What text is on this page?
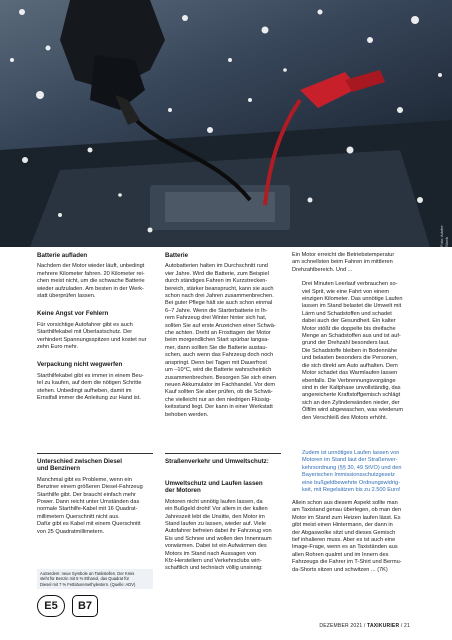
Foto: Adobe Stock
Batterie aufladen

Nachdem der Motor wieder läuft, unbedingt
mehrere Kilometer fahren. 20 Kilometer rei-
chen meist nicht, um die schwache Batterie
wieder aufzuladen. Am besten in der Werk-
statt überprüfen lassen.

Keine Angst vor Fehlern

Für vorsichtige Autofahrer gibt es auch
Starthilfekabel mit Überlastschutz. Der
verhindert Spannungsspitzen und kostet nur
zehn Euro mehr.

Verpackung nicht wegwerfen

Starthilfekabel gibt es immer in einem Beu-
tel zu kaufen, auf dem die nötigen Schritte
stehen. Unbedingt aufheben, damit im
Ernstfall immer die Anleitung zur Hand ist.

Unterschied zwischen Diesel
und Benzinern

Manchmal gibt es Probleme, wenn ein
Benziner einem größeren Diesel-Fahrzeug
Starthilfe gibt. Der braucht einfach mehr
Power. Dann reicht unter Umständen das
normale Starthilfe-Kabel mit 16 Quadrat-
millimetern Querschnitt nicht aus.
Dafür gibt es Kabel mit einem Querschnitt
von 25 Quadratmillimetern.

AuSerdem: neue Symbole an Tankstellen. Der Kreis
steht für Benzin mit 5 % Ethanol, das Quadrat für
Diesel mit 7 % Fettsäuremethylestern. (Quelle: ADV)
E5 B7
Batterie

Autobatterien halten im Durchschnitt rund
vier Jahre. Wird die Batterie, zum Beispiel
durch ständiges Fahren im Kurzstrecken-
bereich, stärker beansprucht, kann sie auch
schon nach drei Jahren zusammenbrechen.
Bei guter Pflege hält sie auch schon einmal
6–7 Jahre. Wenn die Starterbatterie in Ih-
rem Fahrzeug drei Winter hinter sich hat,
sollten Sie auf erste Anzeichen einer Schwä-
che achten. Dreht an Frosttagen der Motor
beim morgendlichen Start spürbar langsa-
mer, dann sollten Sie die Batterie austau-
schen, auch wenn das Fahrzeug doch noch
anspringt. Denn bei Tagen mit Dauerfrost
um –10°C, wird die Batterie wahrscheinlich
zusammenbrechen. Besorgen Sie sich einen
neuen Akkumulator im Fachhandel. Vor dem
Kauf sollten Sie aber prüfen, ob die Schwä-
che vielleicht nur an den niedrigen Flüssig-
keitsstand liegt. Der kann in einer Werkstatt
behoben werden.

Straßenverkehr und Umweltschutz:
Umweltschutz und Laufen lassen
der Motoren

Motoren nicht unnötig laufen lassen, da
ein Bußgeld droht! Vor allem in der kalten
Jahreszeit lebt die Unsitte, den Motor im
Stand laufen zu lassen, wieder auf. Viele
Autofahrer befreien dabei ihr Fahrzeug von
Eis und Schnee und wollen den Innenraum
vorwärmen. Dabei ist ein Aufwärmen des
Motors im Stand nach Aussagen von
Kfz-Herstellern und Verkehrsclubs wirt-
schaftlich und technisch völlig unsinnig:

Ein Motor erreicht die Betriebstemperatur
am schnellsten beim Fahren im mittleren
Drehzahlbereich. Und ...

Drei Minuten Leerlauf verbrauchen so-
viel Sprit, wie eine Fahrt von einem
einzigen Kilometer. Das unnötige Laufen
lassen im Stand belastet die Umwelt mit
Lärm und Schadstoffen und schadet
dabei auch der Gesundheit. Ein kalter
Motor stößt die doppelte bis dreifache
Menge an Schadstoffen aus und ist auf-
grund der Drehzahl besonders laut.
Die Schadstoffe bleiben in Bodennähe
und belasten besonders die Personen,
die sich direkt am Auto aufhalten. Dem
Motor schadet das Warmlaufen lassen
ebenfalls. Die Verbrennungsvorgänge
sind in der Kaltphase unvollständig, das
angereicherte Kraftstoffgemisch schlägt
sich an den Zylinderwänden nieder, der
Ölfilm wird abgewaschen, was wiederum
den Verschleiß des Motors erhöht.

Zudem ist unnötiges Laufen lassen von
Motoren im Stand laut der Straßenver-
kehrsordnung (§§ 30, 49 StVO) und den
Bayerischen Immissionsschutzgesetz
eine bußgeldbewehrte Ordnungswidrig-
keit, mit Regelsätzen bis zu 2.500 Euro!

Allein schon aus diesem Aspekt sollte man
am Taxistand genau überlegen, ob man den
Motor im Stand zum Heizen laufen lässt. Es
gibt meist einen Hintermann, der dann in
der Abgaswolke sitzt und dieses Gemisch
tief inhalieren muss. Aber es ist auch eine
Image-Frage, wenn es an Taxiständen aus
allen Rohren qualmt und im Innern des
Fahrzeugs die Fahrer im T-Shirt und Bermu-
da-Shorts sitzen und schwitzen ... (7K)

DEZEMBER 2021 / TAXIKURIER / 21
